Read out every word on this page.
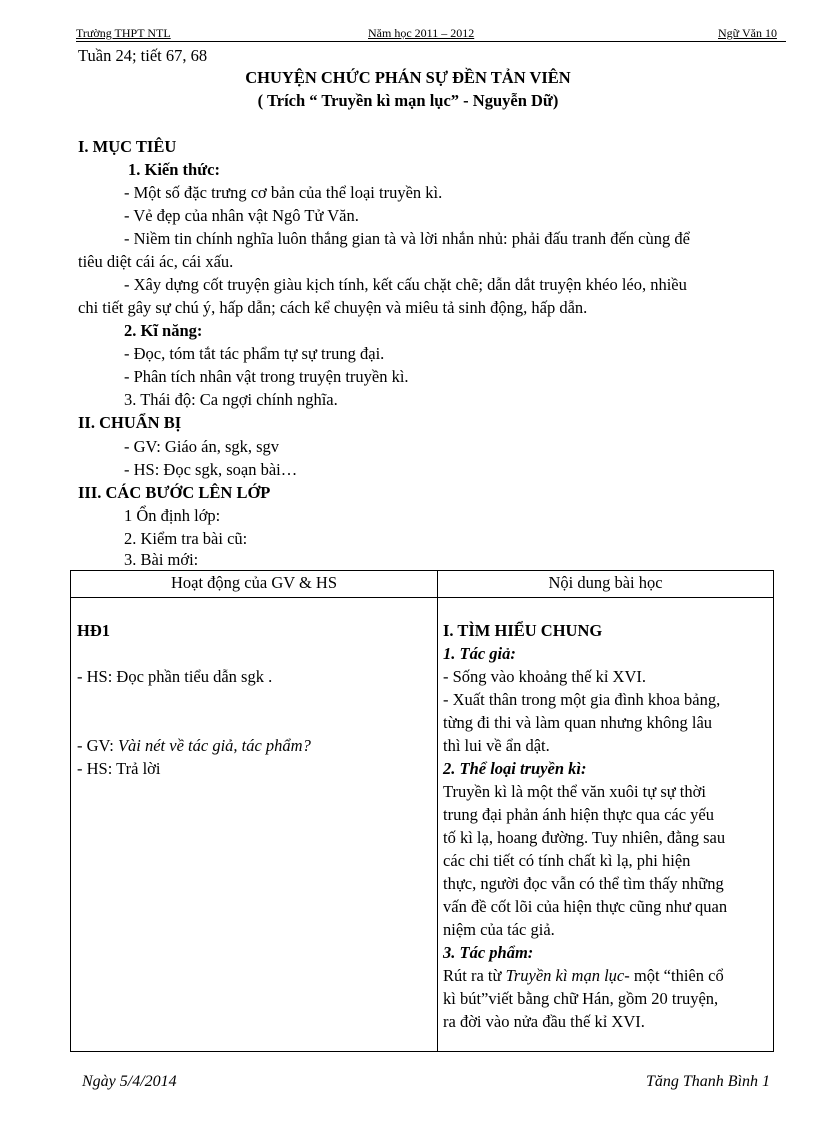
Trường THPT NTL	Năm học 2011 – 2012	Ngữ Văn 10
Tuần 24; tiết 67, 68
CHUYỆN CHỨC PHÁN SỰ ĐỀN TẢN VIÊN
( Trích “ Truyền kì mạn lục” - Nguyễn Dữ)
I. MỤC TIÊU
1. Kiến thức:
- Một số đặc trưng cơ bản của thể loại truyền kì.
- Vẻ đẹp của nhân vật Ngô Tử Văn.
- Niềm tin chính nghĩa luôn thắng gian tà và lời nhắn nhủ: phải đấu tranh đến cùng để
tiêu diệt cái ác, cái xấu.
- Xây dựng cốt truyện giàu kịch tính, kết cấu chặt chẽ; dẫn dắt truyện khéo léo, nhiều
chi tiết gây sự chú ý, hấp dẫn; cách kể chuyện và miêu tả sinh động, hấp dẫn.
2. Kĩ năng:
- Đọc, tóm tắt tác phẩm tự sự trung đại.
- Phân tích nhân vật trong truyện truyền kì.
3. Thái độ: Ca ngợi chính nghĩa.
II. CHUẨN BỊ
- GV: Giáo án, sgk, sgv
- HS: Đọc sgk, soạn bài…
III. CÁC BƯỚC LÊN LỚP
1 Ổn định lớp:
2. Kiểm tra bài cũ:
3. Bài mới:
Hoạt động của GV & HS	Nội dung bài học
HĐ1
- HS: Đọc phần tiểu dẫn sgk .
- GV: Vài nét về tác giả, tác phẩm?
- HS: Trả lời
I. TÌM HIỂU CHUNG
1. Tác giả:
- Sống vào khoảng thế kỉ XVI.
- Xuất thân trong một gia đình khoa bảng,
từng đi thi và làm quan nhưng không lâu
thì lui về ẩn dật.
2. Thể loại truyền kì:
Truyền kì là một thể văn xuôi tự sự thời
trung đại phản ánh hiện thực qua các yếu
tố kì lạ, hoang đường. Tuy nhiên, đằng sau
các chi tiết có tính chất kì lạ, phi hiện
thực, người đọc vẫn có thể tìm thấy những
vấn đề cốt lõi của hiện thực cũng như quan
niệm của tác giả.
3. Tác phẩm:
Rút ra từ Truyền kì mạn lục- một “thiên cổ
kì bút”viết bằng chữ Hán, gồm 20 truyện,
ra đời vào nửa đầu thế kỉ XVI.
Ngày 5/4/2014	Tăng Thanh Bình 1
